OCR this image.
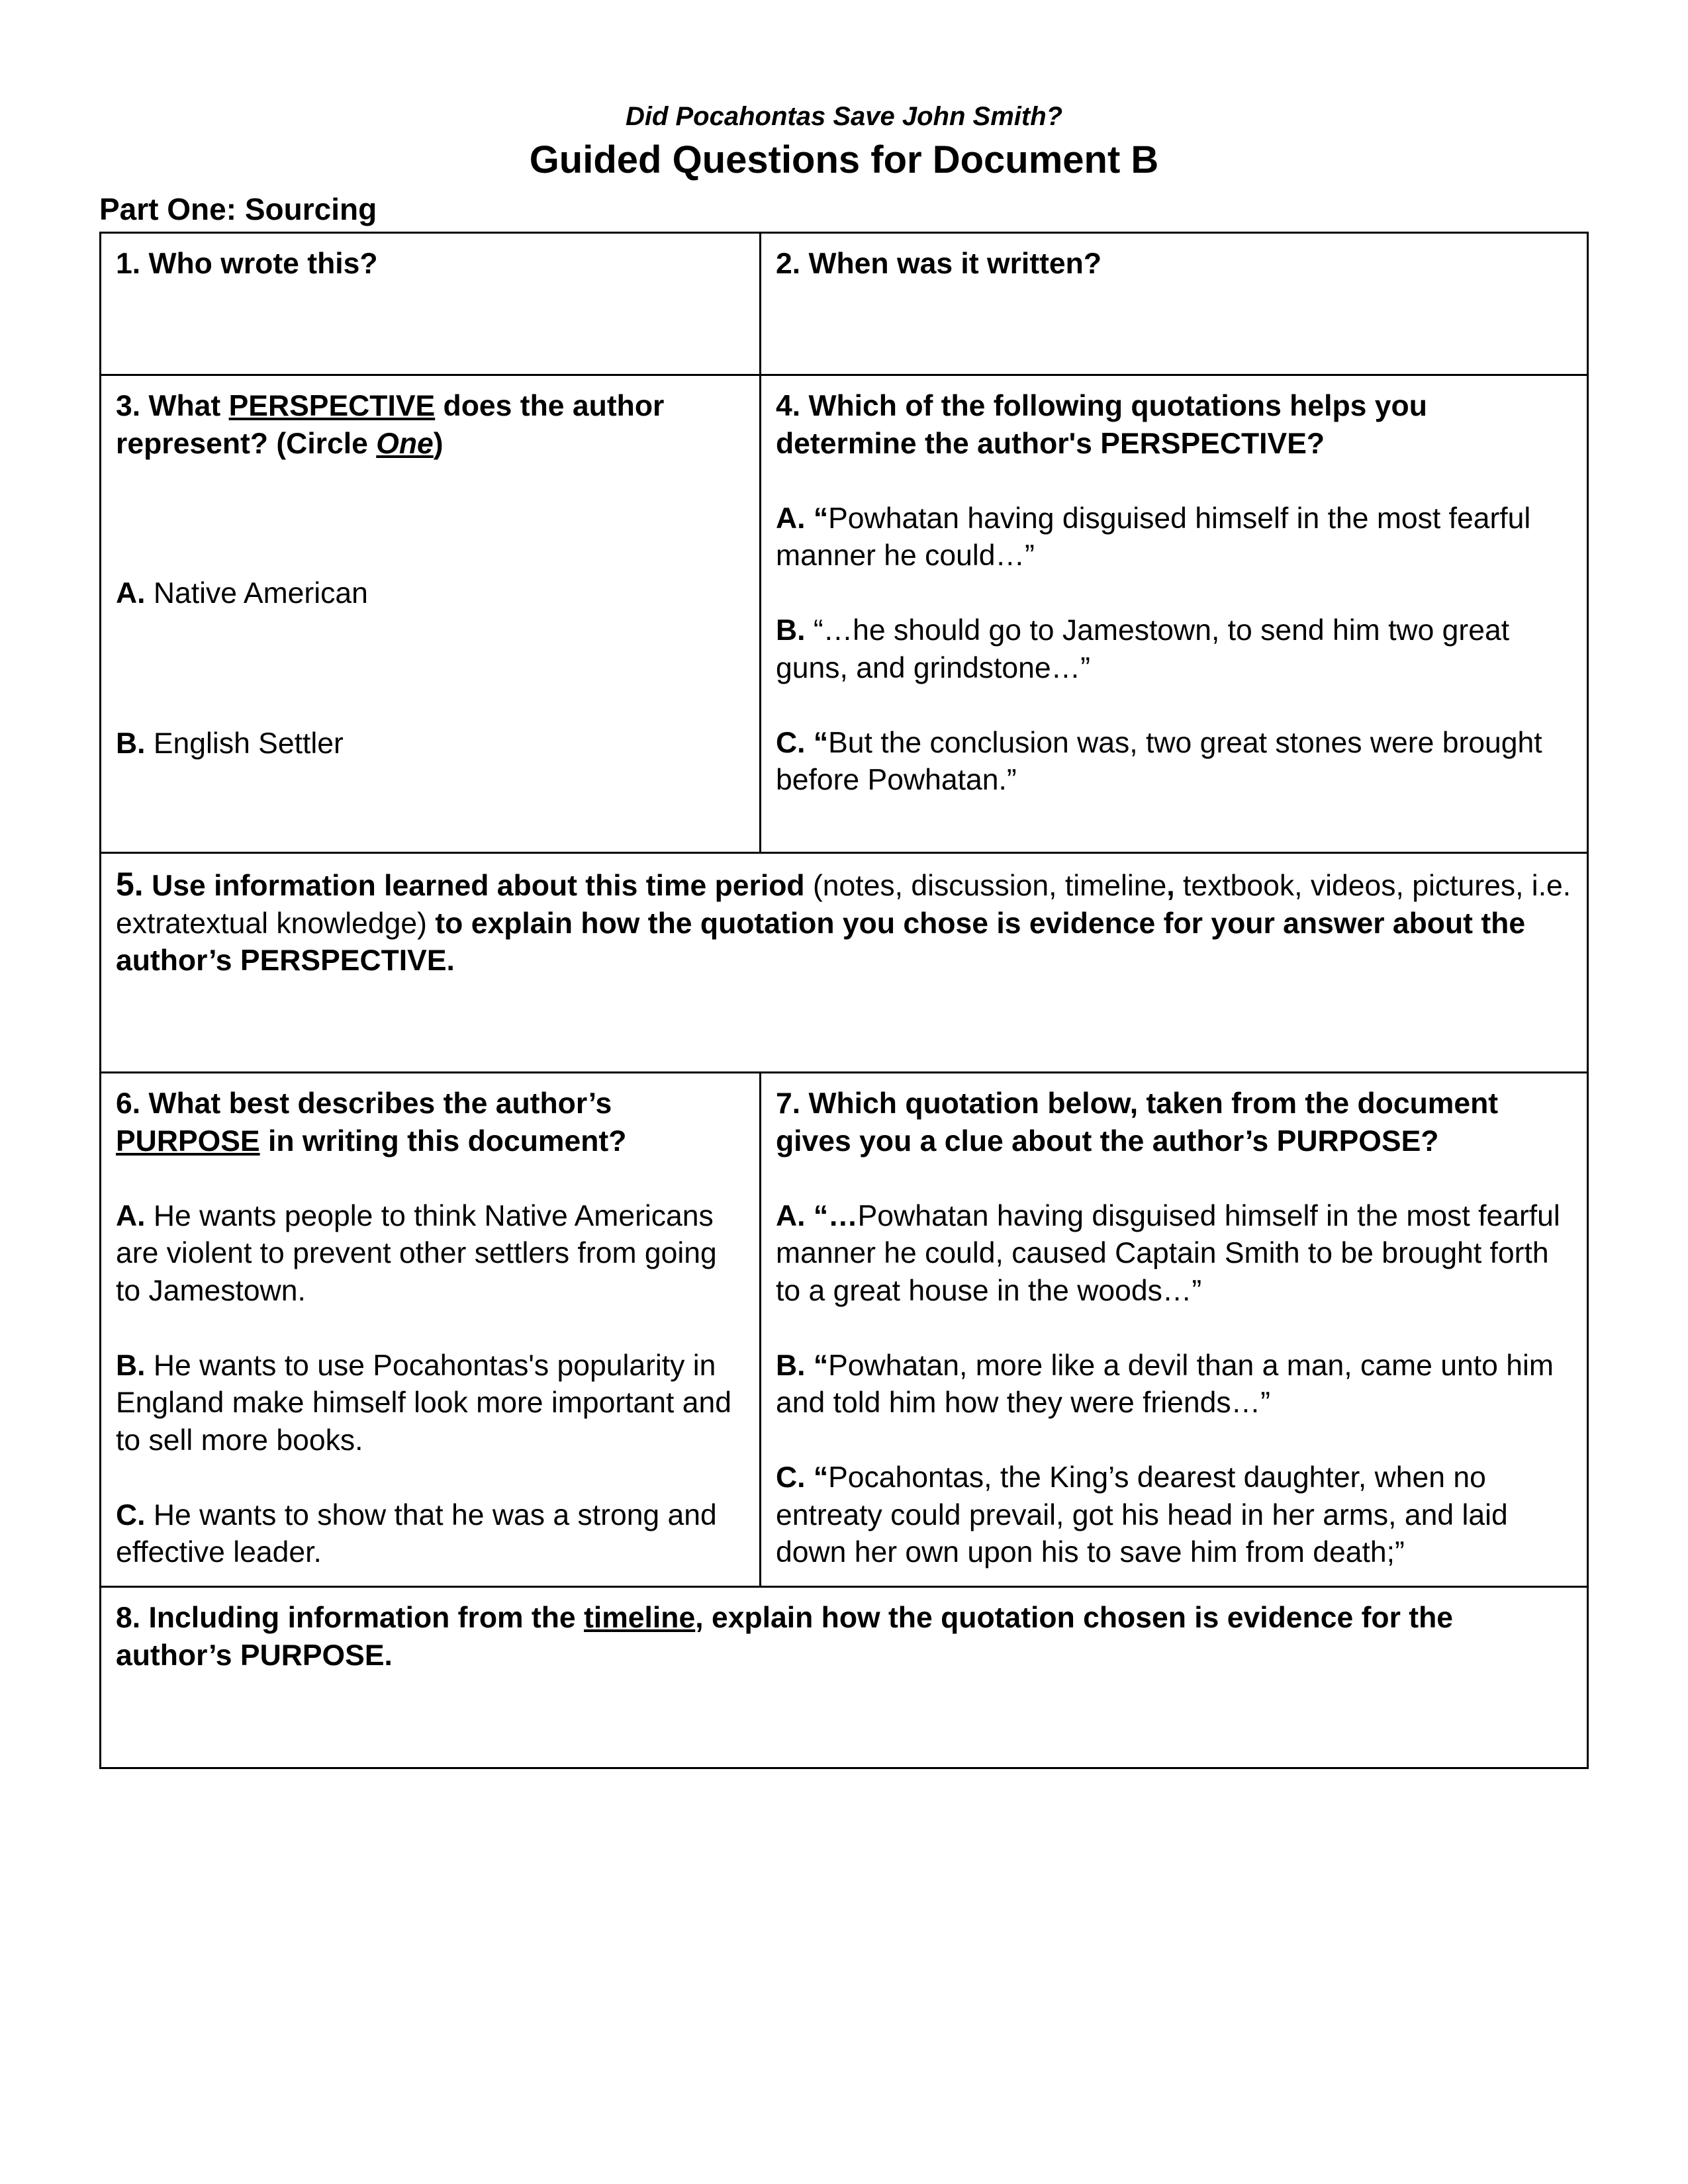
Did Pocahontas Save John Smith?
Guided Questions for Document B
Part One: Sourcing
1. Who wrote this?	2. When was it written?
3. What PERSPECTIVE does the author represent? (Circle One)

A. Native American

B. English Settler

4. Which of the following quotations helps you determine the author's PERSPECTIVE?

A. “Powhatan having disguised himself in the most fearful manner he could…”

B. “…he should go to Jamestown, to send him two great guns, and grindstone…”

C. “But the conclusion was, two great stones were brought before Powhatan.”

5. Use information learned about this time period (notes, discussion, timeline, textbook, videos, pictures, i.e. extratextual knowledge) to explain how the quotation you chose is evidence for your answer about the author’s PERSPECTIVE.
6. What best describes the author’s PURPOSE in writing this document?

A. He wants people to think Native Americans are violent to prevent other settlers from going to Jamestown.

B. He wants to use Pocahontas's popularity in England make himself look more important and to sell more books.

C. He wants to show that he was a strong and effective leader.

7. Which quotation below, taken from the document gives you a clue about the author’s PURPOSE?

A. “…Powhatan having disguised himself in the most fearful manner he could, caused Captain Smith to be brought forth to a great house in the woods…”

B. “Powhatan, more like a devil than a man, came unto him and told him how they were friends…”

C. “Pocahontas, the King’s dearest daughter, when no entreaty could prevail, got his head in her arms, and laid down her own upon his to save him from death;”

8. Including information from the timeline, explain how the quotation chosen is evidence for the author’s PURPOSE.
